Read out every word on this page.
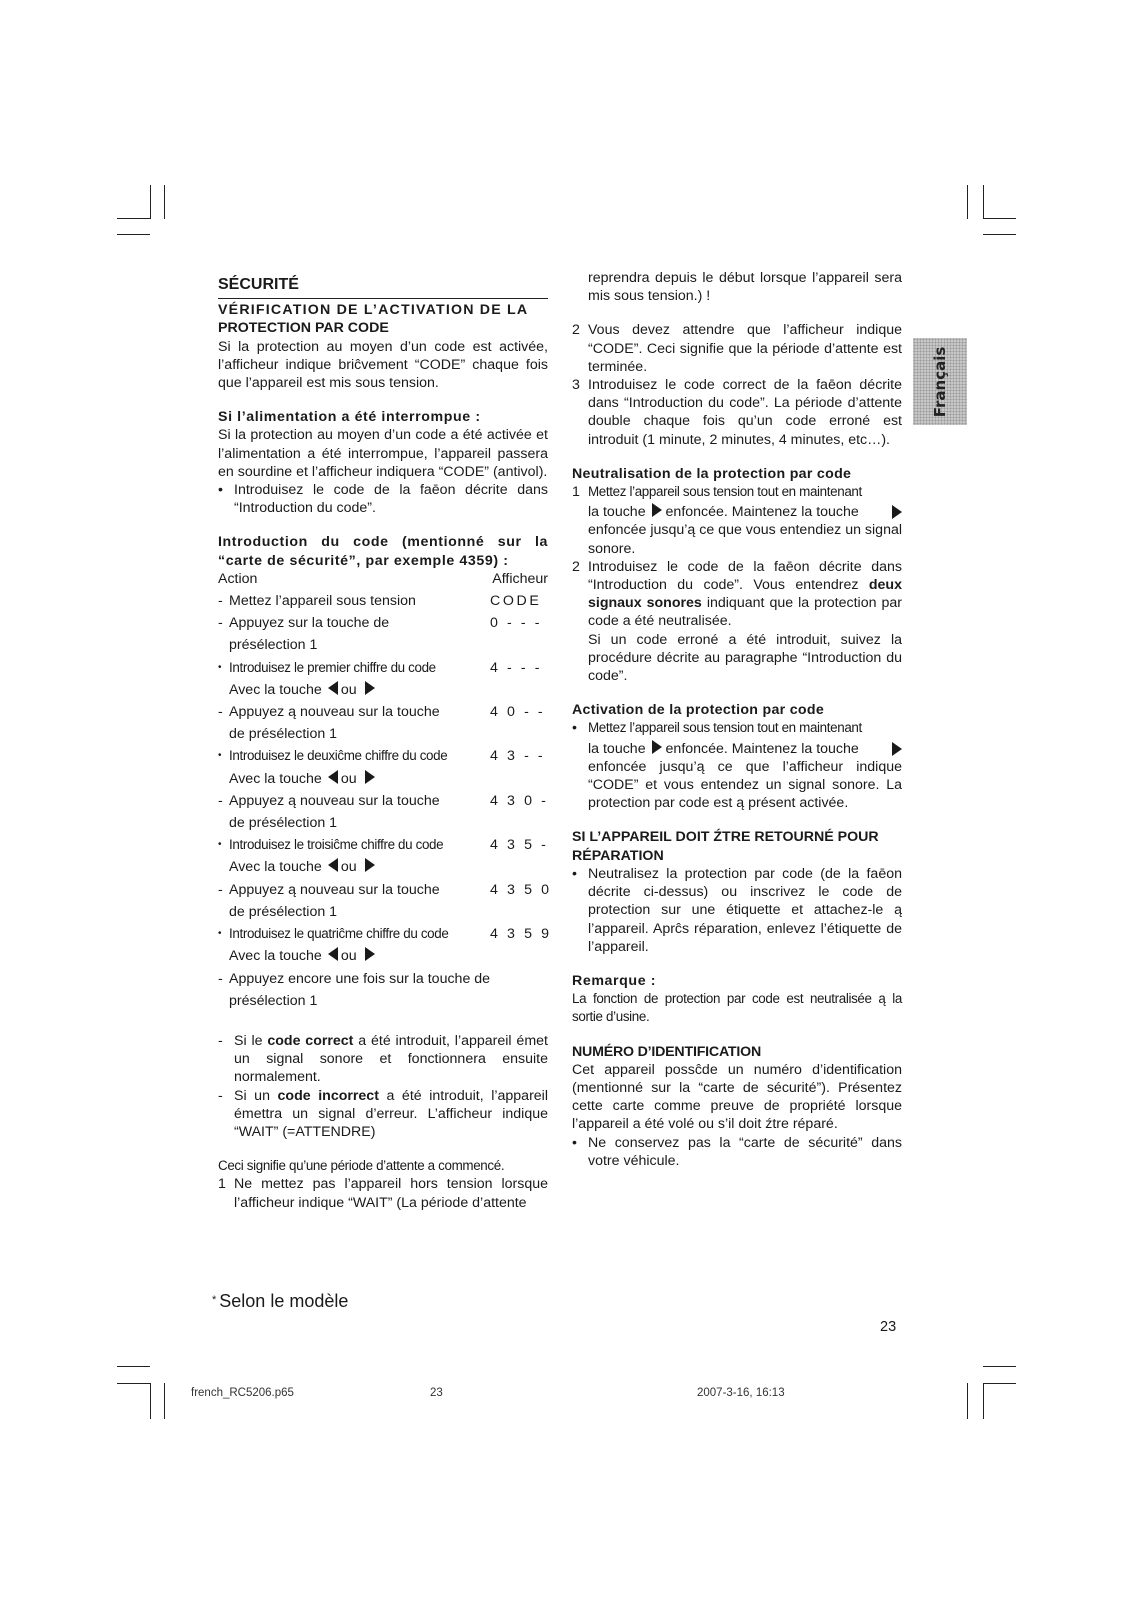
Français
SÉCURITÉ
VÉRIFICATION DE L’ACTIVATION DE LA
PROTECTION PAR CODE

Si la protection au moyen d’un code est activée, l’afficheur indique briĉvement “CODE” chaque fois que l’appareil est mis sous tension.

Si l’alimentation a été interrompue :

Si la protection au moyen d’un code a été activée et l’alimentation a été interrompue, l’appareil passera en sourdine et l’afficheur indiquera “CODE” (antivol).

• Introduisez le code de la faēon décrite dans “Introduction du code”.
Introduction du code (mentionné sur la “carte de sécurité”, par exemple 4359) :
Action	Afficheur
- Mettez l’appareil sous tension	CODE
- Appuyez sur la touche de	0 - - -
présélection 1
• Introduisez le premier chiffre du code	4 - - -
Avec la touche ou
- Appuyez ą nouveau sur la touche	4 0 - -
de présélection 1
• Introduisez le deuxiĉme chiffre du code	4 3 - -
Avec la touche ou
- Appuyez ą nouveau sur la touche	4 3 0 -
de présélection 1
• Introduisez le troisiĉme chiffre du code	4 3 5 -
Avec la touche ou
- Appuyez ą nouveau sur la touche	4 3 5 0
de présélection 1
• Introduisez le quatriĉme chiffre du code	4 3 5 9
Avec la touche ou
- Appuyez encore une fois sur la touche de
présélection 1
- Si le code correct a été introduit, l’appareil émet un signal sonore et fonctionnera ensuite normalement.
- Si un code incorrect a été introduit, l’appareil émettra un signal d’erreur. L’afficheur indique “WAIT” (=ATTENDRE)

Ceci signifie qu’une période d’attente a commencé.

1 Ne mettez pas l’appareil hors tension lorsque l’afficheur indique “WAIT” (La période d’attente
reprendra depuis le début lorsque l’appareil sera mis sous tension.) !
2 Vous devez attendre que l’afficheur indique “CODE”. Ceci signifie que la période d’attente est terminée.
3 Introduisez le code correct de la faēon décrite dans “Introduction du code”. La période d’attente double chaque fois qu’un code erroné est introduit (1 minute, 2 minutes, 4 minutes, etc…).
Neutralisation de la protection par code
1 Mettez l’appareil sous tension tout en maintenant

la touche enfoncée. Maintenez la touche
enfoncée jusqu’ą ce que vous entendiez un signal sonore.
2 Introduisez le code de la faēon décrite dans “Introduction du code”. Vous entendrez deux signaux sonores indiquant que la protection par code a été neutralisée.
Si un code erroné a été introduit, suivez la procédure décrite au paragraphe “Introduction du code”.
Activation de la protection par code
• Mettez l’appareil sous tension tout en maintenant

la touche enfoncée. Maintenez la touche
enfoncée jusqu’ą ce que l’afficheur indique “CODE” et vous entendez un signal sonore. La protection par code est ą présent activée.
SI L’APPAREIL DOIT ŹTRE RETOURNÉ POUR RÉPARATION
• Neutralisez la protection par code (de la faēon décrite ci-dessus) ou inscrivez le code de protection sur une étiquette et attachez-le ą l’appareil. Aprĉs réparation, enlevez l’étiquette de l’appareil.
Remarque :

La fonction de protection par code est neutralisée ą la sortie d’usine.

NUMÉRO D’IDENTIFICATION

Cet appareil possĉde un numéro d’identification (mentionné sur la “carte de sécurité”). Présentez cette carte comme preuve de propriété lorsque l’appareil a été volé ou s’il doit źtre réparé.

• Ne conservez pas la “carte de sécurité” dans votre véhicule.
* Selon le modèle
23
french_RC5206.p65	23	2007-3-16, 16:13
